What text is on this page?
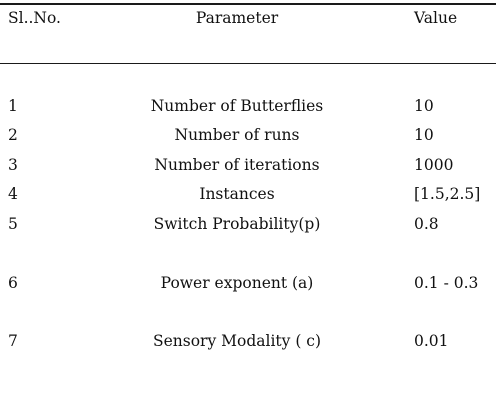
Sl..No.	Parameter	Value
1	Number of Butterflies	10
2	Number of runs	10
3	Number of iterations	1000
4	Instances	[1.5,2.5]
5	Switch Probability(p)	0.8
6	Power exponent (a)	0.1 - 0.3
7	Sensory Modality ( c)	0.01
